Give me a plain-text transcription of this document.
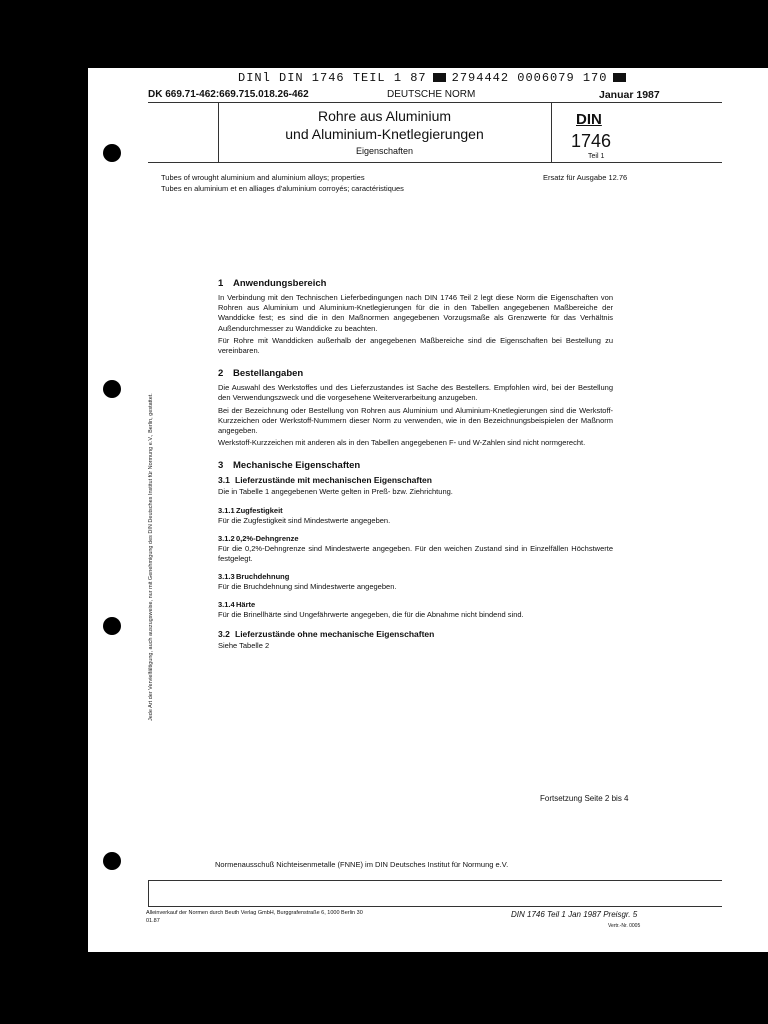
DINl DIN 1746 TEIL 1 87 2794442 0006079 170
DK 669.71-462:669.715.018.26-462	DEUTSCHE NORM	Januar 1987
Rohre aus Aluminium
und Aluminium-Knetlegierungen
Eigenschaften
DIN
1746
Teil 1
Tubes of wrought aluminium and aluminium alloys; properties
Tubes en aluminium et en alliages d'aluminium corroyés; caractéristiques
Ersatz für Ausgabe 12.76
Jede Art der Vervielfältigung, auch auszugsweise, nur mit Genehmigung des DIN Deutsches Institut für Normung e.V., Berlin, gestattet.
1 Anwendungsbereich

In Verbindung mit den Technischen Lieferbedingungen nach DIN 1746 Teil 2 legt diese Norm die Eigenschaften von Rohren aus Aluminium und Aluminium-Knetlegierungen für die in den Tabellen angegebenen Maßbereiche der Wanddicke fest; es sind die in den Maßnormen angegebenen Vorzugsmaße als Grenzwerte für das Verhältnis Außendurchmesser zu Wanddicke zu beachten.

Für Rohre mit Wanddicken außerhalb der angegebenen Maßbereiche sind die Eigenschaften bei Bestellung zu vereinbaren.

2 Bestellangaben

Die Auswahl des Werkstoffes und des Lieferzustandes ist Sache des Bestellers. Empfohlen wird, bei der Bestellung den Verwendungszweck und die vorgesehene Weiterverarbeitung anzugeben.

Bei der Bezeichnung oder Bestellung von Rohren aus Aluminium und Aluminium-Knetlegierungen sind die Werkstoff-Kurzzeichen oder Werkstoff-Nummern dieser Norm zu verwenden, wie in den Bezeichnungsbeispielen der Maßnorm angegeben.

Werkstoff-Kurzzeichen mit anderen als in den Tabellen angegebenen F- und W-Zahlen sind nicht normgerecht.

3 Mechanische Eigenschaften
3.1 Lieferzustände mit mechanischen Eigenschaften

Die in Tabelle 1 angegebenen Werte gelten in Preß- bzw. Ziehrichtung.

3.1.1Zugfestigkeit

Für die Zugfestigkeit sind Mindestwerte angegeben.

3.1.20,2%-Dehngrenze

Für die 0,2%-Dehngrenze sind Mindestwerte angegeben. Für den weichen Zustand sind in Einzelfällen Höchstwerte festgelegt.

3.1.3Bruchdehnung

Für die Bruchdehnung sind Mindestwerte angegeben.

3.1.4Härte

Für die Brinellhärte sind Ungefährwerte angegeben, die für die Abnahme nicht bindend sind.

3.2 Lieferzustände ohne mechanische Eigenschaften

Siehe Tabelle 2

Fortsetzung Seite 2 bis 4
Normenausschuß Nichteisenmetalle (FNNE) im DIN Deutsches Institut für Normung e.V.
Alleinverkauf der Normen durch Beuth Verlag GmbH, Burggrafenstraße 6, 1000 Berlin 30
01.87
DIN 1746 Teil 1 Jan 1987 Preisgr. 5
Vertr.-Nr. 0005
